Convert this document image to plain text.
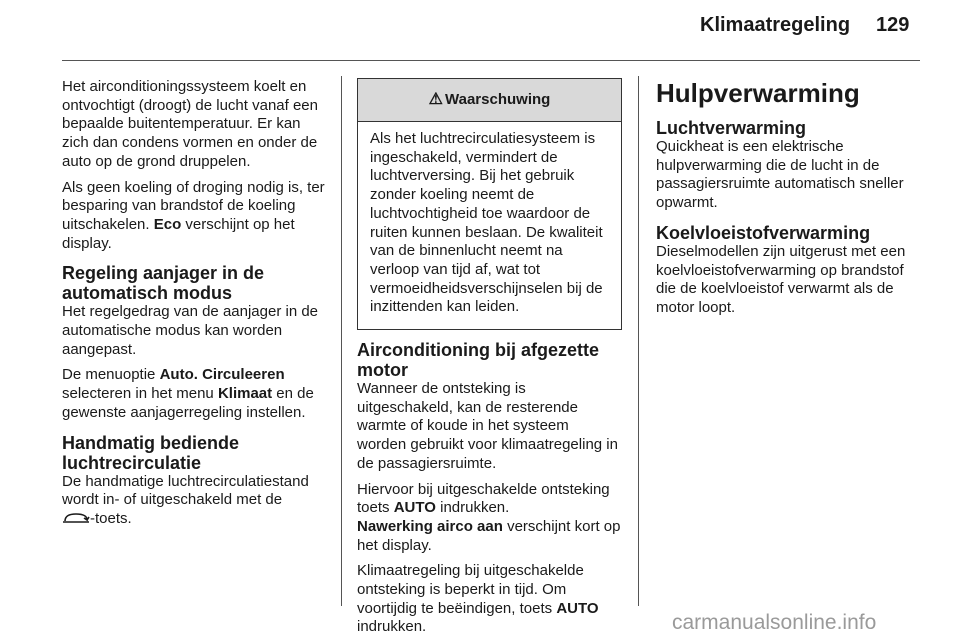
Klimaatregeling 129

Het airconditioningssysteem koelt en ontvochtigt (droogt) de lucht vanaf een bepaalde buitentemperatuur. Er kan zich dan condens vormen en onder de auto op de grond druppelen.

Als geen koeling of droging nodig is, ter besparing van brandstof de koeling uitschakelen. Eco verschijnt op het display.

Regeling aanjager in de automatisch modus

Het regelgedrag van de aanjager in de automatische modus kan worden aangepast.

De menuoptie Auto. Circuleeren selecteren in het menu Klimaat en de gewenste aanjagerregeling instellen.

Handmatig bediende luchtrecirculatie

De handmatige luchtrecirculatiestand wordt in- of uitgeschakeld met de
-toets.

⚠ Waarschuwing
Als het luchtrecirculatiesysteem is ingeschakeld, vermindert de luchtverversing. Bij het gebruik zonder koeling neemt de luchtvochtigheid toe waardoor de ruiten kunnen beslaan. De kwaliteit van de binnenlucht neemt na verloop van tijd af, wat tot vermoeidheidsverschijnselen bij de inzittenden kan leiden.
Airconditioning bij afgezette motor

Wanneer de ontsteking is uitgeschakeld, kan de resterende warmte of koude in het systeem worden gebruikt voor klimaatregeling in de passagiersruimte.

Hiervoor bij uitgeschakelde ontsteking toets AUTO indrukken.
Nawerking airco aan verschijnt kort op het display.

Klimaatregeling bij uitgeschakelde ontsteking is beperkt in tijd. Om voortijdig te beëindigen, toets AUTO indrukken.

Hulpverwarming
Luchtverwarming

Quickheat is een elektrische hulpverwarming die de lucht in de passagiersruimte automatisch sneller opwarmt.

Koelvloeistofverwarming

Dieselmodellen zijn uitgerust met een koelvloeistofverwarming op brandstof die de koelvloeistof verwarmt als de motor loopt.

carmanualsonline.info
